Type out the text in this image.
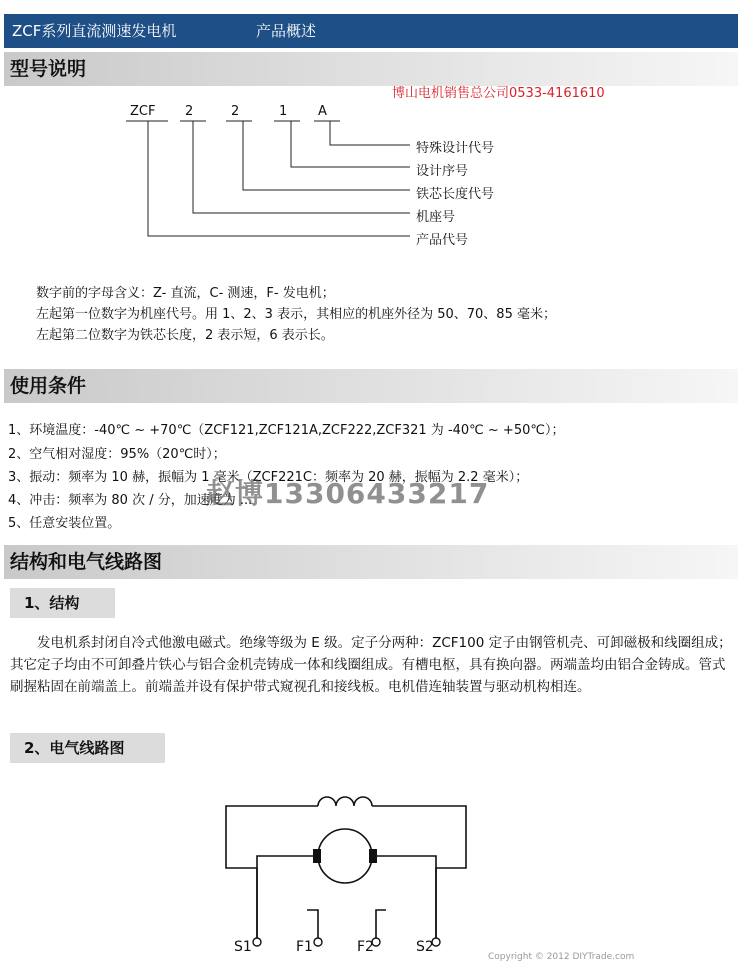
ZCF系列直流测速发电机	产品概述
型号说明
博山电机销售总公司0533-4161610
ZCF 2	2	1 A
特殊设计代号
设计序号
铁芯长度代号
机座号
产品代号
数字前的字母含义：Z- 直流，C- 测速，F- 发电机；
左起第一位数字为机座代号。用 1、2、3 表示，其相应的机座外径为 50、70、85 毫米；
左起第二位数字为铁芯长度，2 表示短，6 表示长。
使用条件
1、环境温度：-40℃ ~ +70℃（ZCF121,ZCF121A,ZCF222,ZCF321 为 -40℃ ~ +50℃）；
2、空气相对湿度：95%（20℃时）；
3、振动：频率为 10 赫，振幅为 1 毫米（ZCF221C：频率为 20 赫，振幅为 2.2 毫米）；
4、冲击：频率为 80 次 / 分，加速度为 ...
5、任意安装位置。
赵博13306433217
结构和电气线路图
1、结构
发电机系封闭自冷式他激电磁式。绝缘等级为 E 级。定子分两种：ZCF100 定子由钢管机壳、可卸磁极和线圈组成；其它定子均由不可卸叠片铁心与铝合金机壳铸成一体和线圈组成。有槽电枢，具有换向器。两端盖均由铝合金铸成。管式刷握粘固在前端盖上。前端盖并设有保护带式窥视孔和接线板。电机借连轴装置与驱动机构相连。
2、电气线路图
S1	F1	F2	S2
Copyright © 2012 DIYTrade.com
